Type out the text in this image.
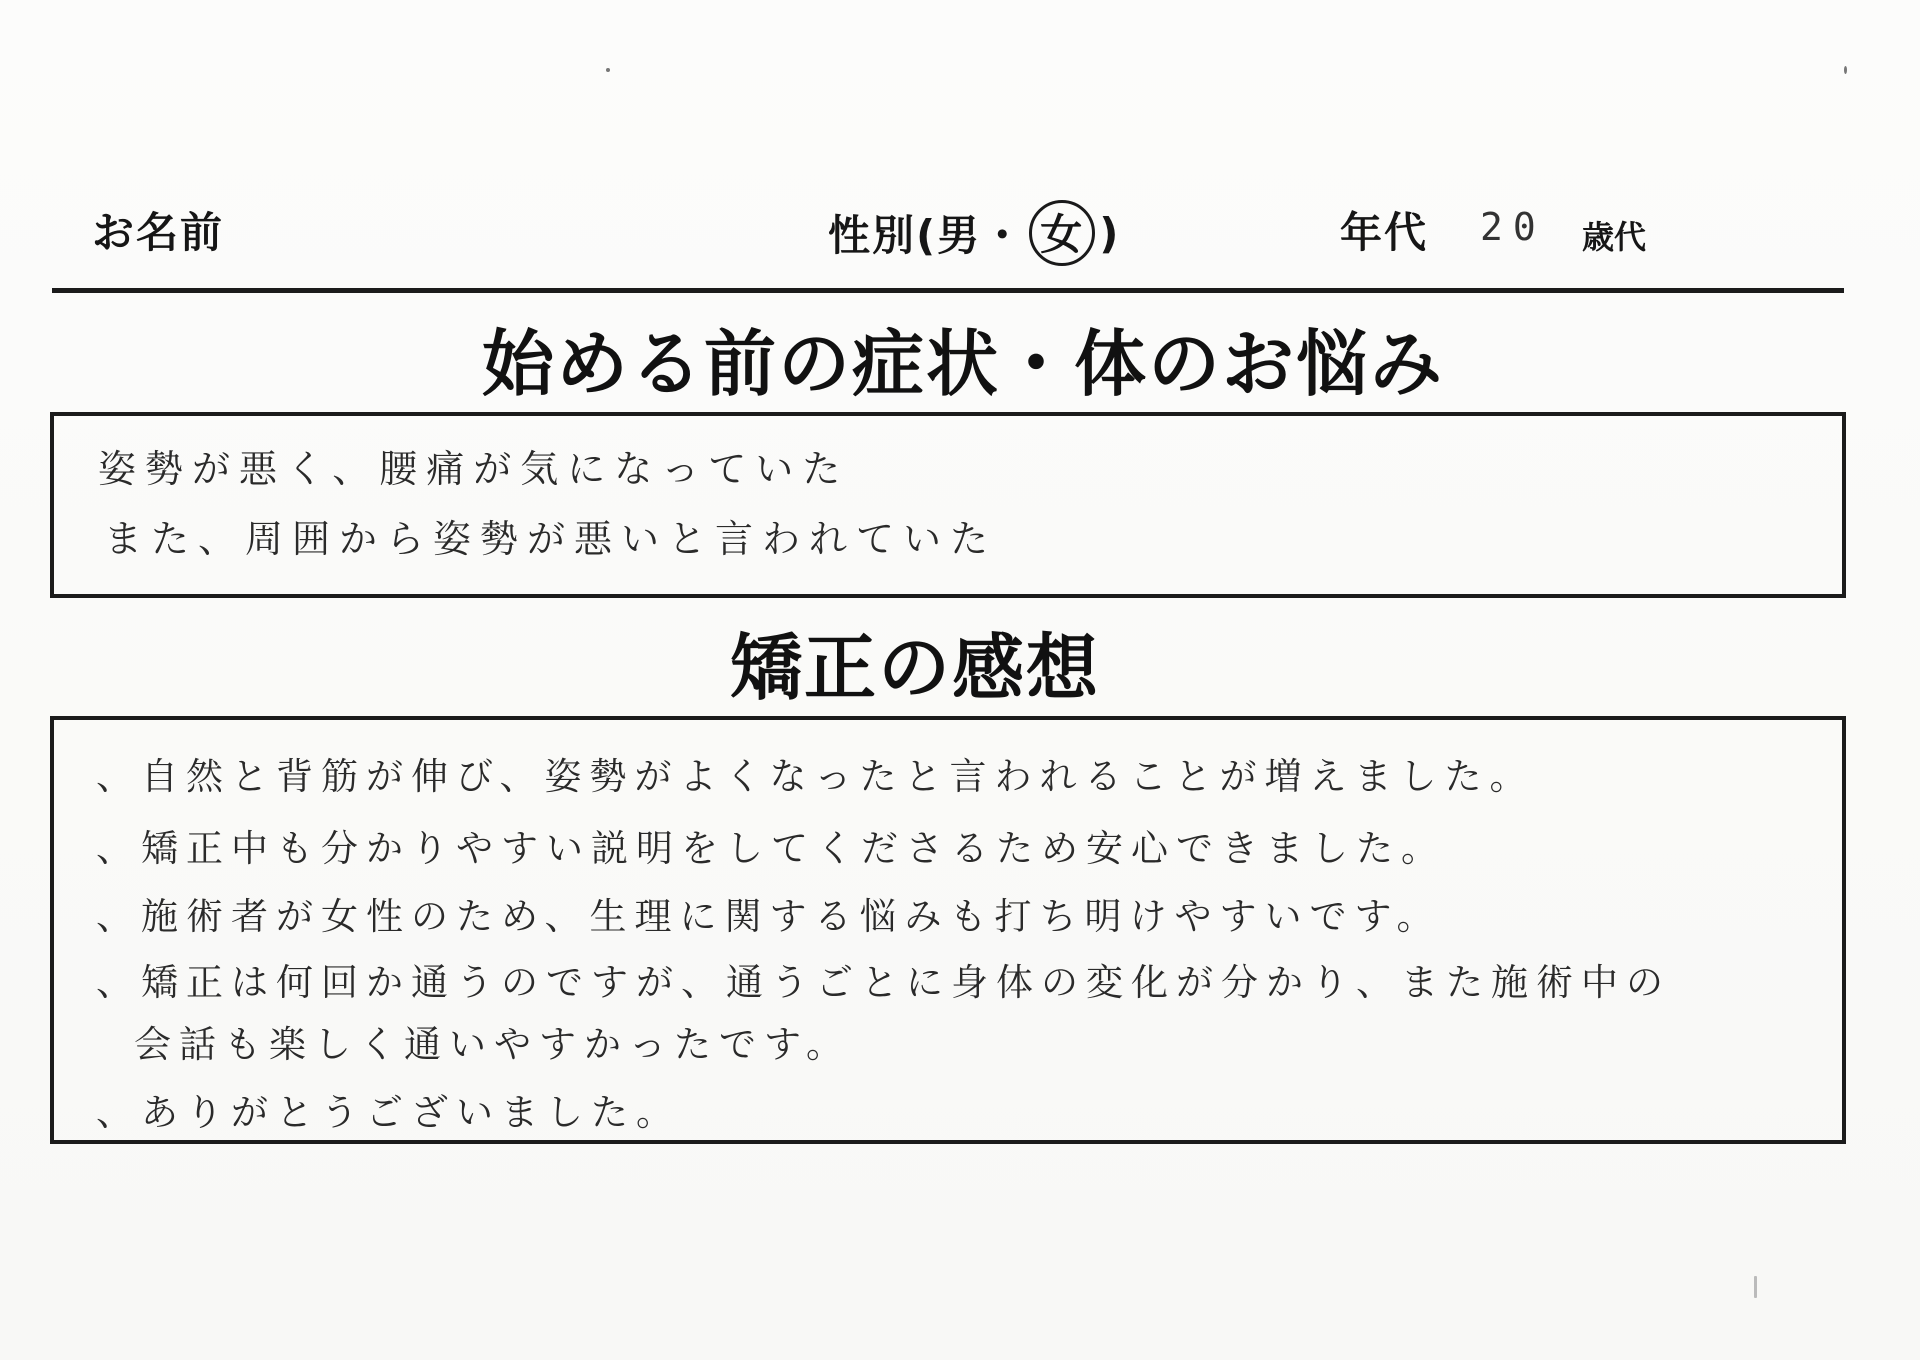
お名前	性別( 男 ・ 女 )	年代 20 歳代
始める前の症状・体のお悩み
姿勢が悪く、腰痛が気になっていた
また、周囲から姿勢が悪いと言われていた
矯正の感想
、自然と背筋が伸び、姿勢がよくなったと言われることが増えました。
、矯正中も分かりやすい説明をしてくださるため安心できました。
、施術者が女性のため、生理に関する悩みも打ち明けやすいです。
、矯正は何回か通うのですが、通うごとに身体の変化が分かり、また施術中の
会話も楽しく通いやすかったです。
、ありがとうございました。
